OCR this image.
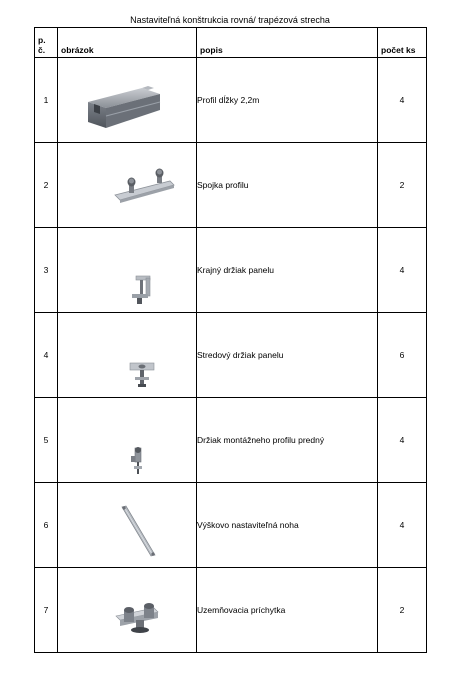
Nastaviteľná konštrukcia rovná/ trapézová strecha
p. č.	obrázok	popis	počet ks
1		Profil dĺžky 2,2m	4
2		Spojka profilu	2
3		Krajný držiak panelu	4
4		Stredový držiak panelu	6
5		Držiak montážneho profilu predný	4
6		Výškovo nastaviteľná noha	4
7		Uzemňovacia príchytka	2
